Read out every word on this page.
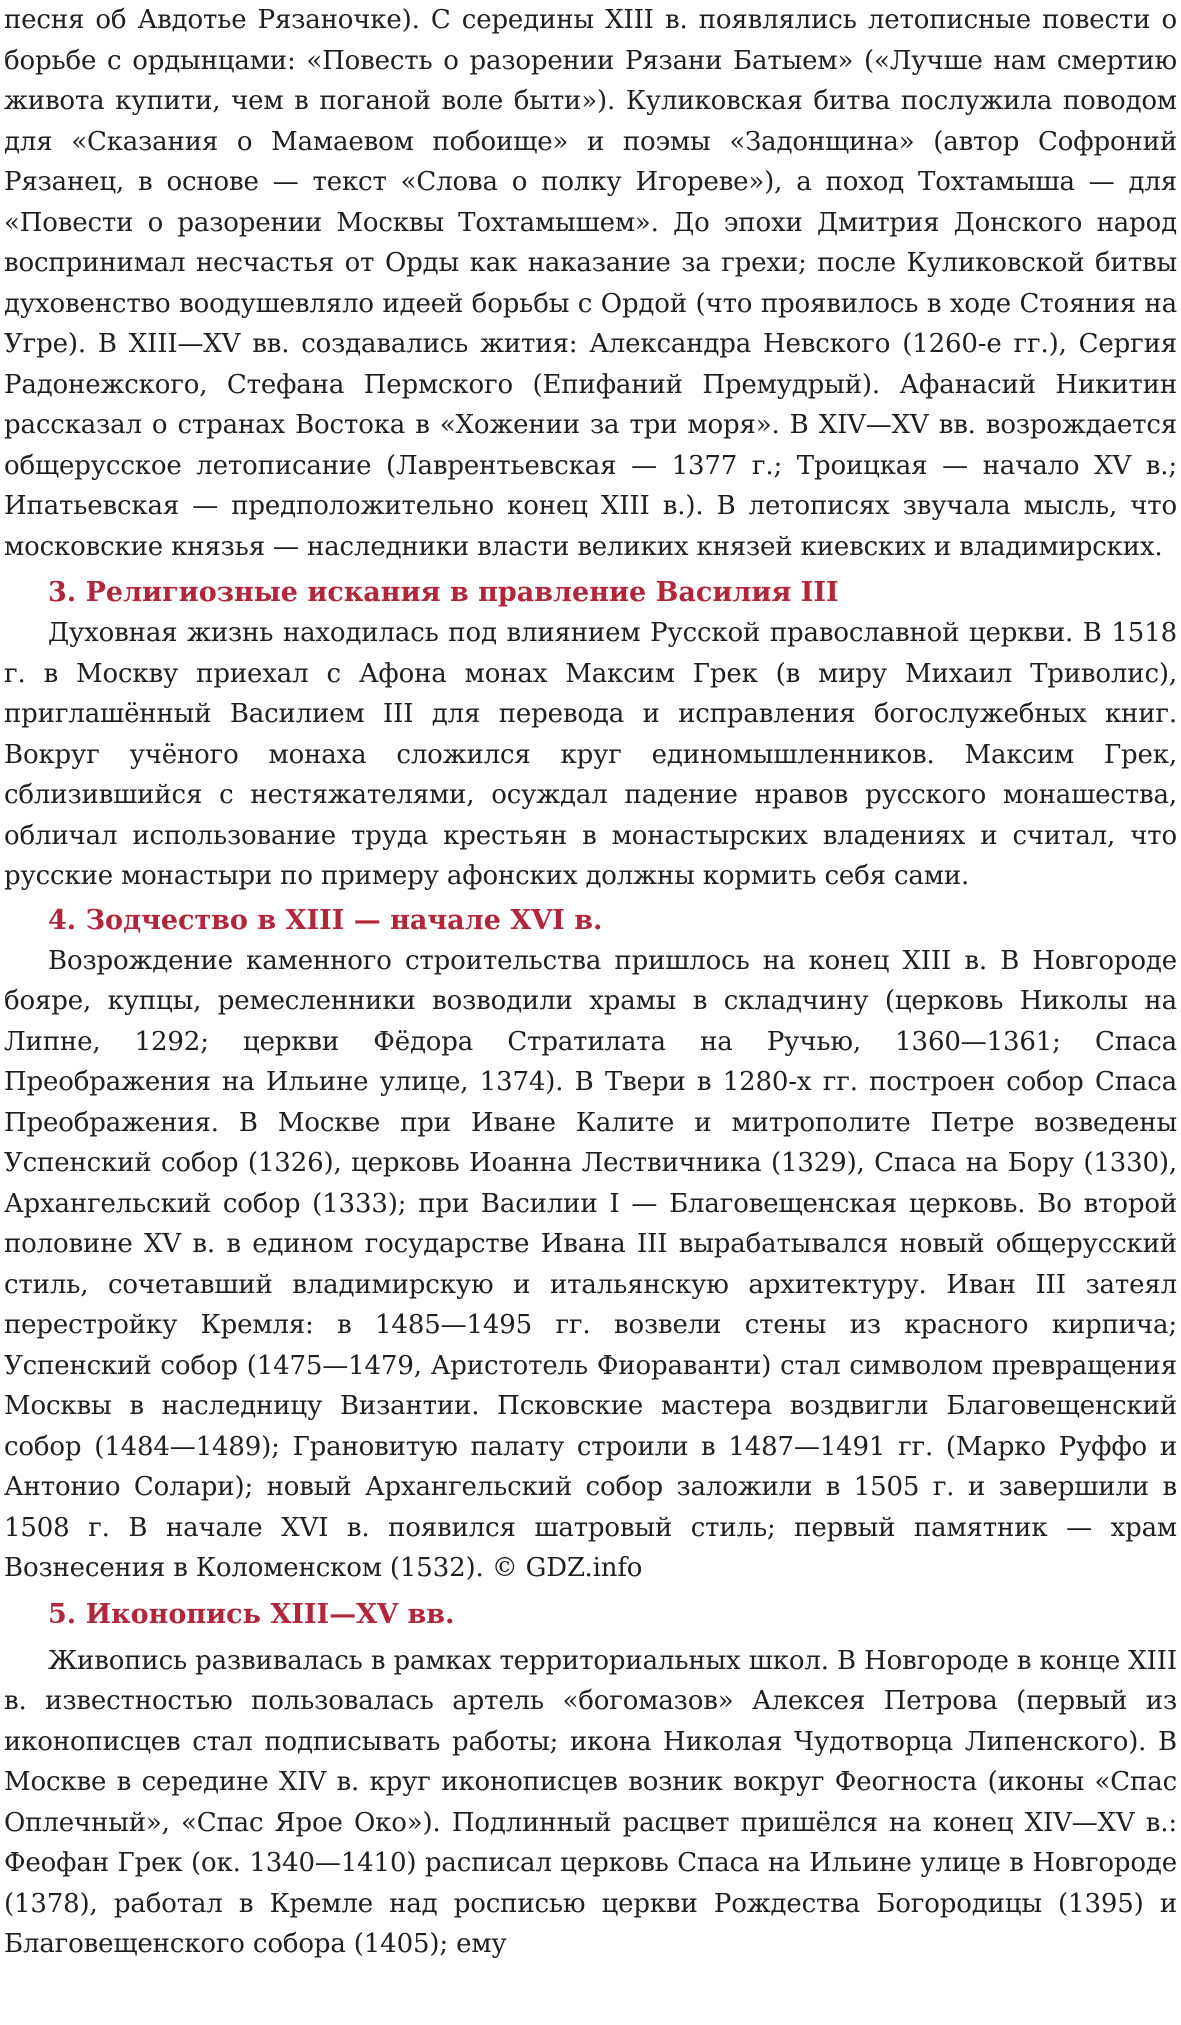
песня об Авдотье Рязаночке). С середины XIII в. появлялись летописные повести о борьбе с ордынцами: «Повесть о разорении Рязани Батыем» («Лучше нам смертию живота купити, чем в поганой воле быти»). Куликовская битва послужила поводом для «Сказания о Мамаевом побоище» и поэмы «Задонщина» (автор Софроний Рязанец, в основе — текст «Слова о полку Игореве»), а поход Тохтамыша — для «Повести о разорении Москвы Тохтамышем». До эпохи Дмитрия Донского народ воспринимал несчастья от Орды как наказание за грехи; после Куликовской битвы духовенство воодушевляло идеей борьбы с Ордой (что проявилось в ходе Стояния на Угре). В XIII—XV вв. создавались жития: Александра Невского (1260-е гг.), Сергия Радонежского, Стефана Пермского (Епифаний Премудрый). Афанасий Никитин рассказал о странах Востока в «Хожении за три моря». В XIV—XV вв. возрождается общерусское летописание (Лаврентьевская — 1377 г.; Троицкая — начало XV в.; Ипатьевская — предположительно конец XIII в.). В летописях звучала мысль, что московские князья — наследники власти великих князей киевских и владимирских.

3. Религиозные искания в правление Василия III

Духовная жизнь находилась под влиянием Русской православной церкви. В 1518 г. в Москву приехал с Афона монах Максим Грек (в миру Михаил Триволис), приглашённый Василием III для перевода и исправления богослужебных книг. Вокруг учёного монаха сложился круг единомышленников. Максим Грек, сблизившийся с нестяжателями, осуждал падение нравов русского монашества, обличал использование труда крестьян в монастырских владениях и считал, что русские монастыри по примеру афонских должны кормить себя сами.

4. Зодчество в XIII — начале XVI в.

Возрождение каменного строительства пришлось на конец XIII в. В Новгороде бояре, купцы, ремесленники возводили храмы в складчину (церковь Николы на Липне, 1292; церкви Фёдора Стратилата на Ручью, 1360—1361; Спаса Преображения на Ильине улице, 1374). В Твери в 1280-х гг. построен собор Спаса Преображения. В Москве при Иване Калите и митрополите Петре возведены Успенский собор (1326), церковь Иоанна Лествичника (1329), Спаса на Бору (1330), Архангельский собор (1333); при Василии I — Благовещенская церковь. Во второй половине XV в. в едином государстве Ивана III вырабатывался новый общерусский стиль, сочетавший владимирскую и итальянскую архитектуру. Иван III затеял перестройку Кремля: в 1485—1495 гг. возвели стены из красного кирпича; Успенский собор (1475—1479, Аристотель Фиораванти) стал символом превращения Москвы в наследницу Византии. Псковские мастера воздвигли Благовещенский собор (1484—1489); Грановитую палату строили в 1487—1491 гг. (Марко Руффо и Антонио Солари); новый Архангельский собор заложили в 1505 г. и завершили в 1508 г. В начале XVI в. появился шатровый стиль; первый памятник — храм Вознесения в Коломенском (1532). © GDZ.info

5. Иконопись XIII—XV вв.

Живопись развивалась в рамках территориальных школ. В Новгороде в конце XIII в. известностью пользовалась артель «богомазов» Алексея Петрова (первый из иконописцев стал подписывать работы; икона Николая Чудотворца Липенского). В Москве в середине XIV в. круг иконописцев возник вокруг Феогноста (иконы «Спас Оплечный», «Спас Ярое Око»). Подлинный расцвет пришёлся на конец XIV—XV в.: Феофан Грек (ок. 1340—1410) расписал церковь Спаса на Ильине улице в Новгороде (1378), работал в Кремле над росписью церкви Рождества Богородицы (1395) и Благовещенского собора (1405); ему
